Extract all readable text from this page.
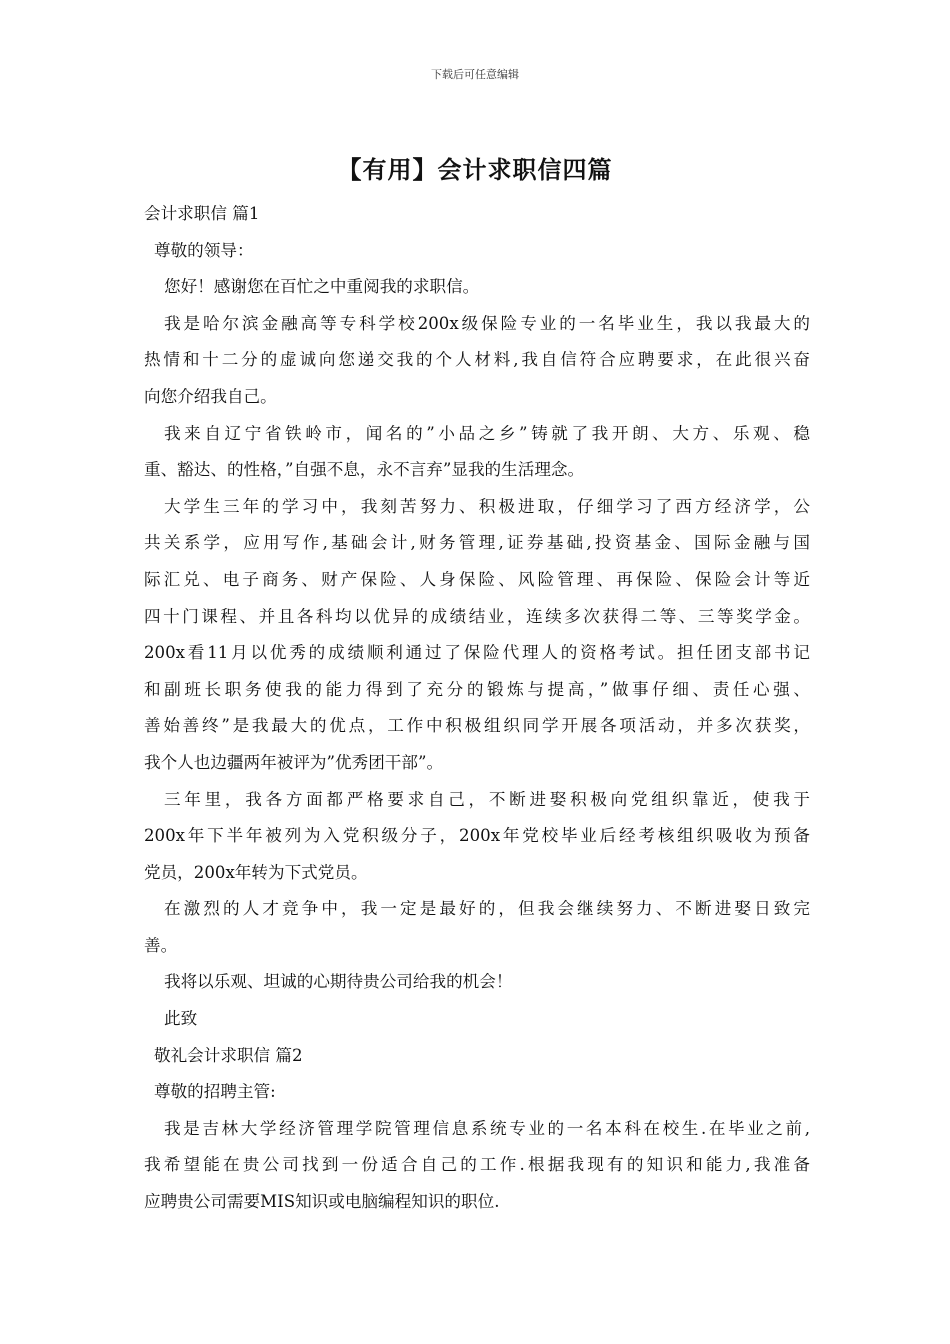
下载后可任意编辑
【有用】会计求职信四篇
会计求职信 篇1
尊敬的领导：
您好！感谢您在百忙之中重阅我的求职信。
我是哈尔滨金融高等专科学校200x级保险专业的一名毕业生，我以我最大的
热情和十二分的虚诚向您递交我的个人材料,我自信符合应聘要求，在此很兴奋
向您介绍我自己。
我来自辽宁省铁岭市，闻名的”小品之乡”铸就了我开朗、大方、乐观、稳
重、豁达、的性格，”自强不息，永不言弃”显我的生活理念。
大学生三年的学习中，我刻苦努力、积极进取，仔细学习了西方经济学，公
共关系学，应用写作,基础会计,财务管理,证券基础,投资基金、国际金融与国
际汇兑、电子商务、财产保险、人身保险、风险管理、再保险、保险会计等近
四十门课程、并且各科均以优异的成绩结业，连续多次获得二等、三等奖学金。
200x看11月以优秀的成绩顺利通过了保险代理人的资格考试。担任团支部书记
和副班长职务使我的能力得到了充分的锻炼与提高，”做事仔细、责任心强、
善始善终”是我最大的优点，工作中积极组织同学开展各项活动，并多次获奖，
我个人也边疆两年被评为”优秀团干部”。
三年里，我各方面都严格要求自己，不断进娶积极向党组织靠近，使我于
200x年下半年被列为入党积级分子，200x年党校毕业后经考核组织吸收为预备
党员，200x年转为下式党员。
在激烈的人才竞争中，我一定是最好的，但我会继续努力、不断进娶日致完
善。
我将以乐观、坦诚的心期待贵公司给我的机会！
此致
敬礼会计求职信 篇2
尊敬的招聘主管:
我是吉林大学经济管理学院管理信息系统专业的一名本科在校生.在毕业之前,
我希望能在贵公司找到一份适合自己的工作.根据我现有的知识和能力,我准备
应聘贵公司需要MIS知识或电脑编程知识的职位.
